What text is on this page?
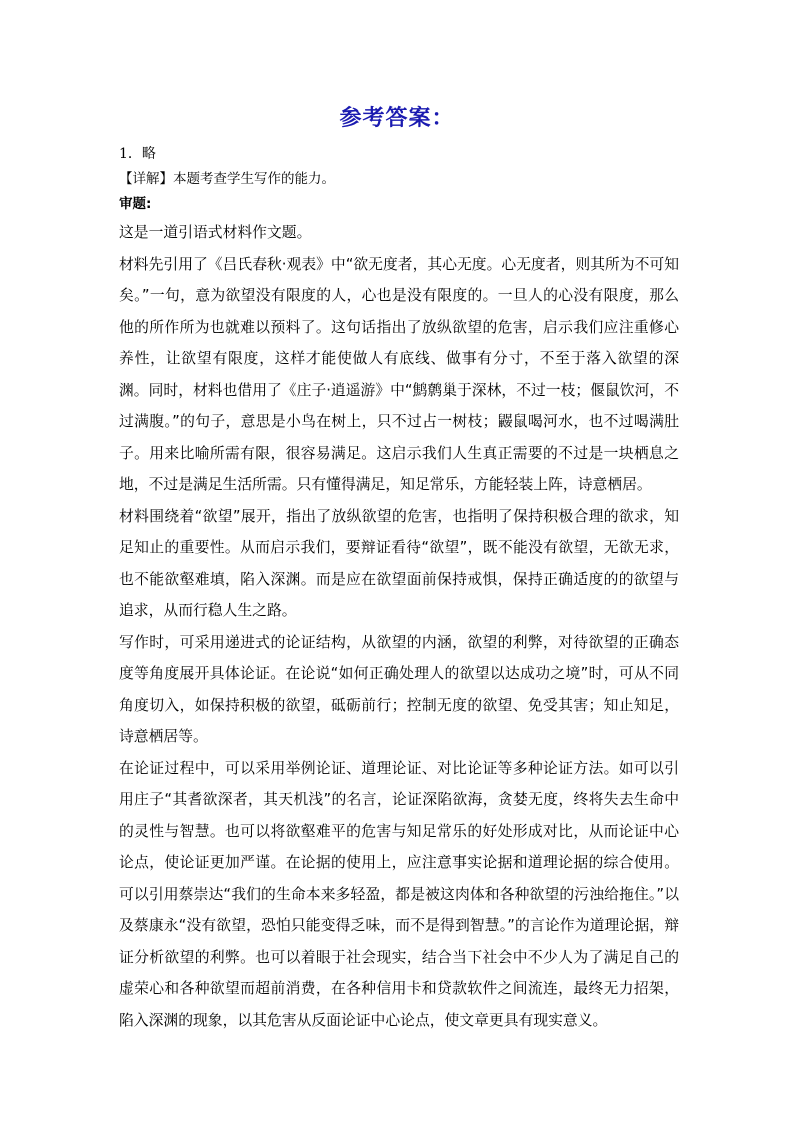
参考答案：
1．略
【详解】本题考查学生写作的能力。
审题:

这是一道引语式材料作文题。

材料先引用了《吕氏春秋·观表》中“欲无度者，其心无度。心无度者，则其所为不可知矣。”一句，意为欲望没有限度的人，心也是没有限度的。一旦人的心没有限度，那么他的所作所为也就难以预料了。这句话指出了放纵欲望的危害，启示我们应注重修心养性，让欲望有限度，这样才能使做人有底线、做事有分寸，不至于落入欲望的深渊。同时，材料也借用了《庄子·逍遥游》中“鹪鹩巢于深林，不过一枝；偃鼠饮河，不过满腹。”的句子，意思是小鸟在树上，只不过占一树枝；鼹鼠喝河水，也不过喝满肚子。用来比喻所需有限，很容易满足。这启示我们人生真正需要的不过是一块栖息之地，不过是满足生活所需。只有懂得满足，知足常乐，方能轻装上阵，诗意栖居。

材料围绕着“欲望”展开，指出了放纵欲望的危害，也指明了保持积极合理的欲求，知足知止的重要性。从而启示我们，要辩证看待“欲望”，既不能没有欲望，无欲无求，也不能欲壑难填，陷入深渊。而是应在欲望面前保持戒惧，保持正确适度的的欲望与追求，从而行稳人生之路。

写作时，可采用递进式的论证结构，从欲望的内涵，欲望的利弊，对待欲望的正确态度等角度展开具体论证。在论说“如何正确处理人的欲望以达成功之境”时，可从不同角度切入，如保持积极的欲望，砥砺前行；控制无度的欲望、免受其害；知止知足，诗意栖居等。

在论证过程中，可以采用举例论证、道理论证、对比论证等多种论证方法。如可以引用庄子“其耆欲深者，其天机浅”的名言，论证深陷欲海，贪婪无度，终将失去生命中的灵性与智慧。也可以将欲壑难平的危害与知足常乐的好处形成对比，从而论证中心论点，使论证更加严谨。在论据的使用上，应注意事实论据和道理论据的综合使用。可以引用蔡崇达“我们的生命本来多轻盈，都是被这肉体和各种欲望的污浊给拖住。”以及蔡康永“没有欲望，恐怕只能变得乏味，而不是得到智慧。”的言论作为道理论据，辩证分析欲望的利弊。也可以着眼于社会现实，结合当下社会中不少人为了满足自己的虚荣心和各种欲望而超前消费，在各种信用卡和贷款软件之间流连，最终无力招架，陷入深渊的现象，以其危害从反面论证中心论点，使文章更具有现实意义。
